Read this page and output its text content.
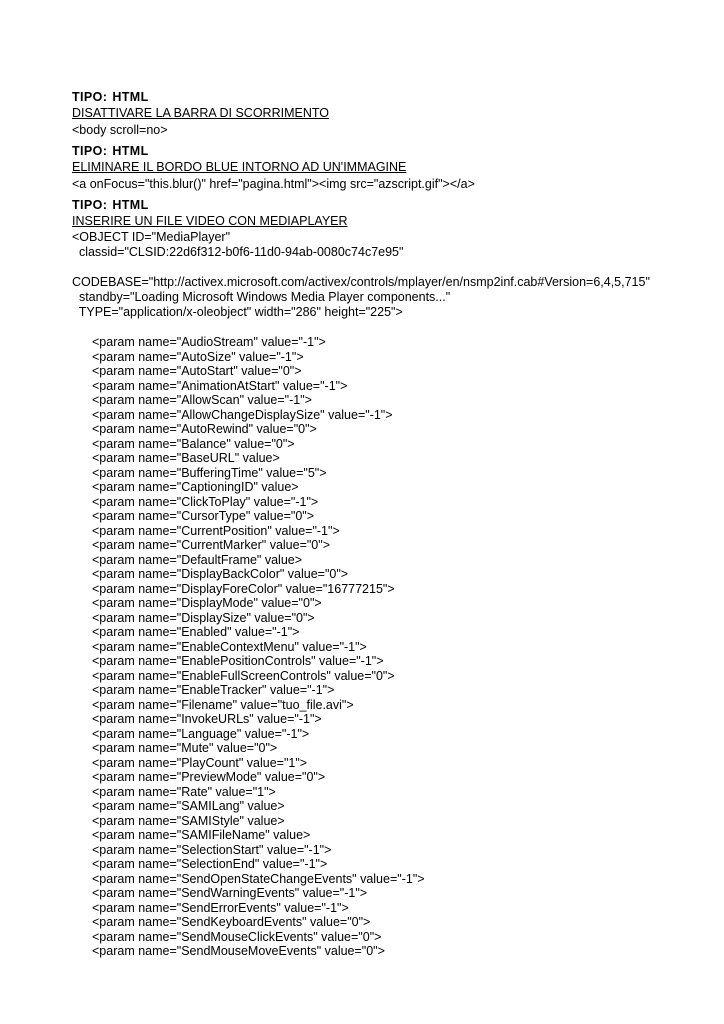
TIPO: HTML
DISATTIVARE LA BARRA DI SCORRIMENTO
<body scroll=no>
TIPO: HTML
ELIMINARE IL BORDO BLUE INTORNO AD UN'IMMAGINE
<a onFocus="this.blur()" href="pagina.html"><img src="azscript.gif"></a>
TIPO: HTML
INSERIRE UN FILE VIDEO CON MEDIAPLAYER
<OBJECT ID="MediaPlayer"
classid="CLSID:22d6f312-b0f6-11d0-94ab-0080c74c7e95"
CODEBASE="http://activex.microsoft.com/activex/controls/mplayer/en/nsmp2inf.cab#Version=6,4,5,715"
standby="Loading Microsoft Windows Media Player components..."
TYPE="application/x-oleobject" width="286" height="225">
<param name="AudioStream" value="-1">
<param name="AutoSize" value="-1">
<param name="AutoStart" value="0">
<param name="AnimationAtStart" value="-1">
<param name="AllowScan" value="-1">
<param name="AllowChangeDisplaySize" value="-1">
<param name="AutoRewind" value="0">
<param name="Balance" value="0">
<param name="BaseURL" value>
<param name="BufferingTime" value="5">
<param name="CaptioningID" value>
<param name="ClickToPlay" value="-1">
<param name="CursorType" value="0">
<param name="CurrentPosition" value="-1">
<param name="CurrentMarker" value="0">
<param name="DefaultFrame" value>
<param name="DisplayBackColor" value="0">
<param name="DisplayForeColor" value="16777215">
<param name="DisplayMode" value="0">
<param name="DisplaySize" value="0">
<param name="Enabled" value="-1">
<param name="EnableContextMenu" value="-1">
<param name="EnablePositionControls" value="-1">
<param name="EnableFullScreenControls" value="0">
<param name="EnableTracker" value="-1">
<param name="Filename" value="tuo_file.avi">
<param name="InvokeURLs" value="-1">
<param name="Language" value="-1">
<param name="Mute" value="0">
<param name="PlayCount" value="1">
<param name="PreviewMode" value="0">
<param name="Rate" value="1">
<param name="SAMILang" value>
<param name="SAMIStyle" value>
<param name="SAMIFileName" value>
<param name="SelectionStart" value="-1">
<param name="SelectionEnd" value="-1">
<param name="SendOpenStateChangeEvents" value="-1">
<param name="SendWarningEvents" value="-1">
<param name="SendErrorEvents" value="-1">
<param name="SendKeyboardEvents" value="0">
<param name="SendMouseClickEvents" value="0">
<param name="SendMouseMoveEvents" value="0">
